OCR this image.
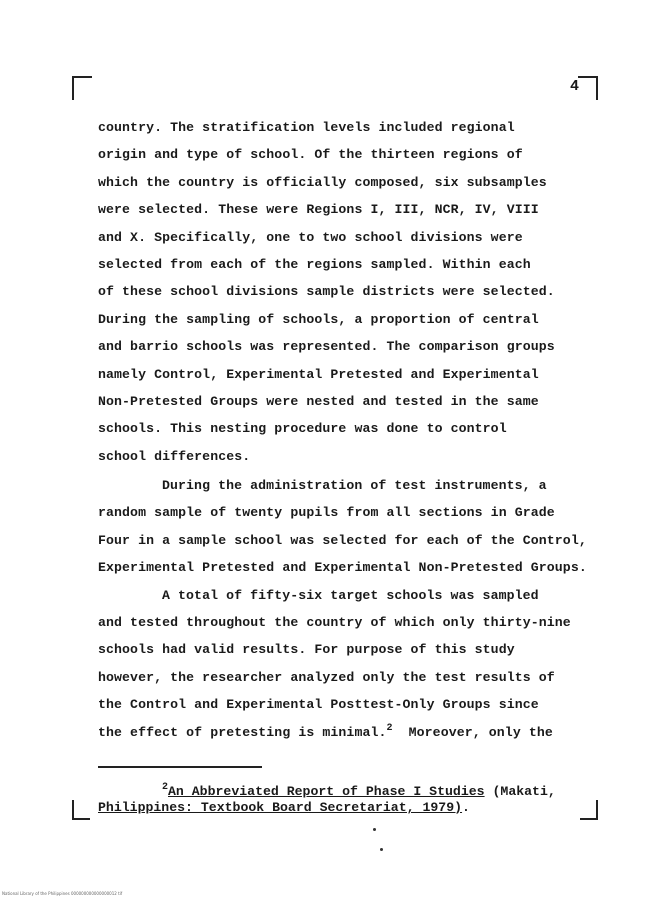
4
country. The stratification levels included regional
origin and type of school. Of the thirteen regions of
which the country is officially composed, six subsamples
were selected. These were Regions I, III, NCR, IV, VIII
and X. Specifically, one to two school divisions were
selected from each of the regions sampled. Within each
of these school divisions sample districts were selected.
During the sampling of schools, a proportion of central
and barrio schools was represented. The comparison groups
namely Control, Experimental Pretested and Experimental
Non-Pretested Groups were nested and tested in the same
schools. This nesting procedure was done to control
school differences.
During the administration of test instruments, a
random sample of twenty pupils from all sections in Grade
Four in a sample school was selected for each of the Control,
Experimental Pretested and Experimental Non-Pretested Groups.
A total of fifty-six target schools was sampled
and tested throughout the country of which only thirty-nine
schools had valid results. For purpose of this study
however, the researcher analyzed only the test results of
the Control and Experimental Posttest-Only Groups since
the effect of pretesting is minimal.$^2$  Moreover, only the
$^2$An Abbreviated Report of Phase I Studies (Makati,
Philippines: Textbook Board Secretariat, 1979).
National Library of the Philippines 000000000000000012 tif
